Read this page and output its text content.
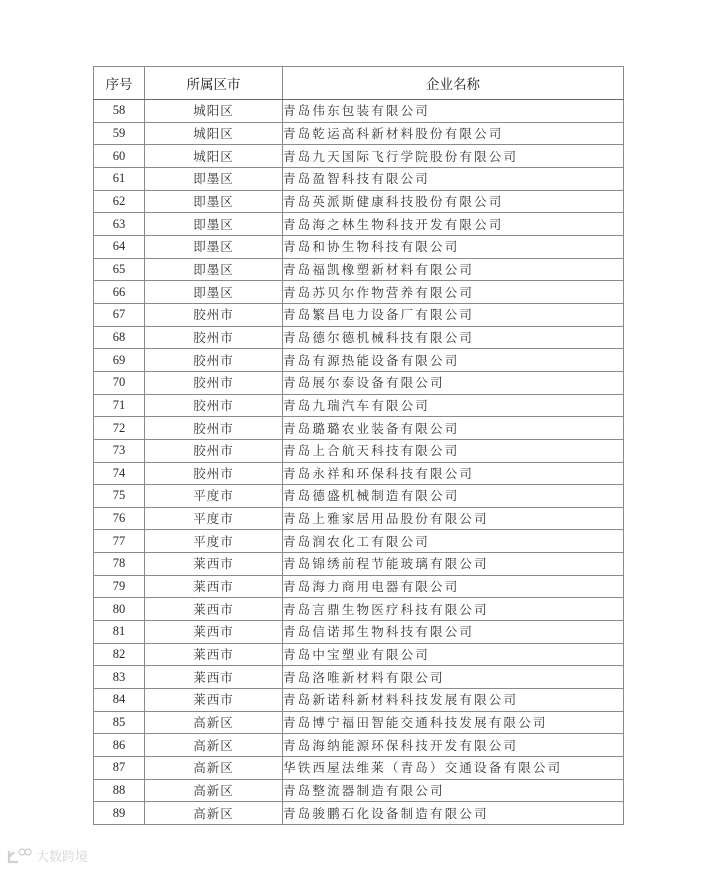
序号	所属区市	企业名称
58	城阳区	青岛伟东包装有限公司
59	城阳区	青岛乾运高科新材料股份有限公司
60	城阳区	青岛九天国际飞行学院股份有限公司
61	即墨区	青岛盈智科技有限公司
62	即墨区	青岛英派斯健康科技股份有限公司
63	即墨区	青岛海之林生物科技开发有限公司
64	即墨区	青岛和协生物科技有限公司
65	即墨区	青岛福凯橡塑新材料有限公司
66	即墨区	青岛苏贝尔作物营养有限公司
67	胶州市	青岛繁昌电力设备厂有限公司
68	胶州市	青岛德尔德机械科技有限公司
69	胶州市	青岛有源热能设备有限公司
70	胶州市	青岛展尔泰设备有限公司
71	胶州市	青岛九瑞汽车有限公司
72	胶州市	青岛璐璐农业装备有限公司
73	胶州市	青岛上合航天科技有限公司
74	胶州市	青岛永祥和环保科技有限公司
75	平度市	青岛德盛机械制造有限公司
76	平度市	青岛上雅家居用品股份有限公司
77	平度市	青岛润农化工有限公司
78	莱西市	青岛锦绣前程节能玻璃有限公司
79	莱西市	青岛海力商用电器有限公司
80	莱西市	青岛言鼎生物医疗科技有限公司
81	莱西市	青岛信诺邦生物科技有限公司
82	莱西市	青岛中宝塑业有限公司
83	莱西市	青岛洛唯新材料有限公司
84	莱西市	青岛新诺科新材料科技发展有限公司
85	高新区	青岛博宁福田智能交通科技发展有限公司
86	高新区	青岛海纳能源环保科技开发有限公司
87	高新区	华铁西屋法维莱（青岛）交通设备有限公司
88	高新区	青岛整流器制造有限公司
89	高新区	青岛骏鹏石化设备制造有限公司
大数跨境
